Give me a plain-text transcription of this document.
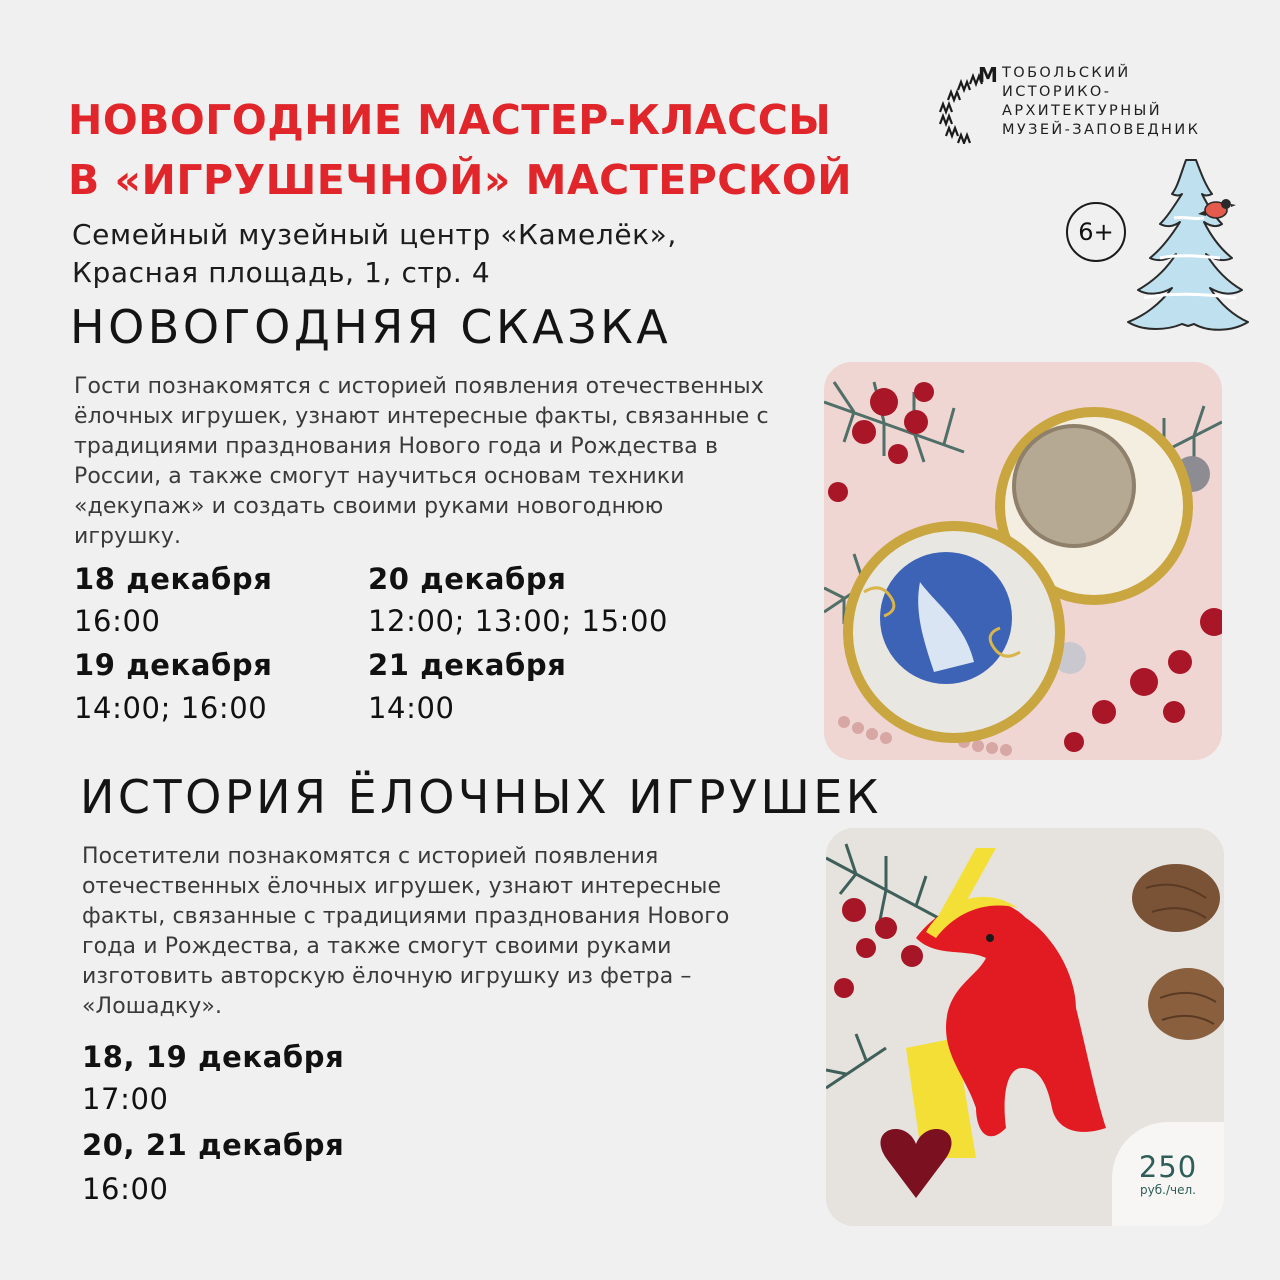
НОВОГОДНИЕ МАСТЕР-КЛАССЫ
В «ИГРУШЕЧНОЙ» МАСТЕРСКОЙ
Семейный музейный центр «Камелёк»,
Красная площадь, 1, стр. 4
M ТОБОЛЬСКИЙ
ИСТОРИКО-
АРХИТЕКТУРНЫЙ
МУЗЕЙ-ЗАПОВЕДНИК
6+
НОВОГОДНЯЯ СКАЗКА
Гости познакомятся с историей появления отечественных ёлочных игрушек, узнают интересные факты, связанные с традициями празднования Нового года и Рождества в России, а также смогут научиться основам техники «декупаж» и создать своими руками новогоднюю игрушку.
18 декабря
16:00
20 декабря
12:00; 13:00; 15:00
19 декабря
14:00; 16:00
21 декабря
14:00
ИСТОРИЯ ЁЛОЧНЫХ ИГРУШЕК
Посетители познакомятся с историей появления отечественных ёлочных игрушек, узнают интересные факты, связанные с традициями празднования Нового года и Рождества, а также смогут своими руками изготовить авторскую ёлочную игрушку из фетра – «Лошадку».
18, 19 декабря
17:00
20, 21 декабря
16:00
250
руб./чел.
